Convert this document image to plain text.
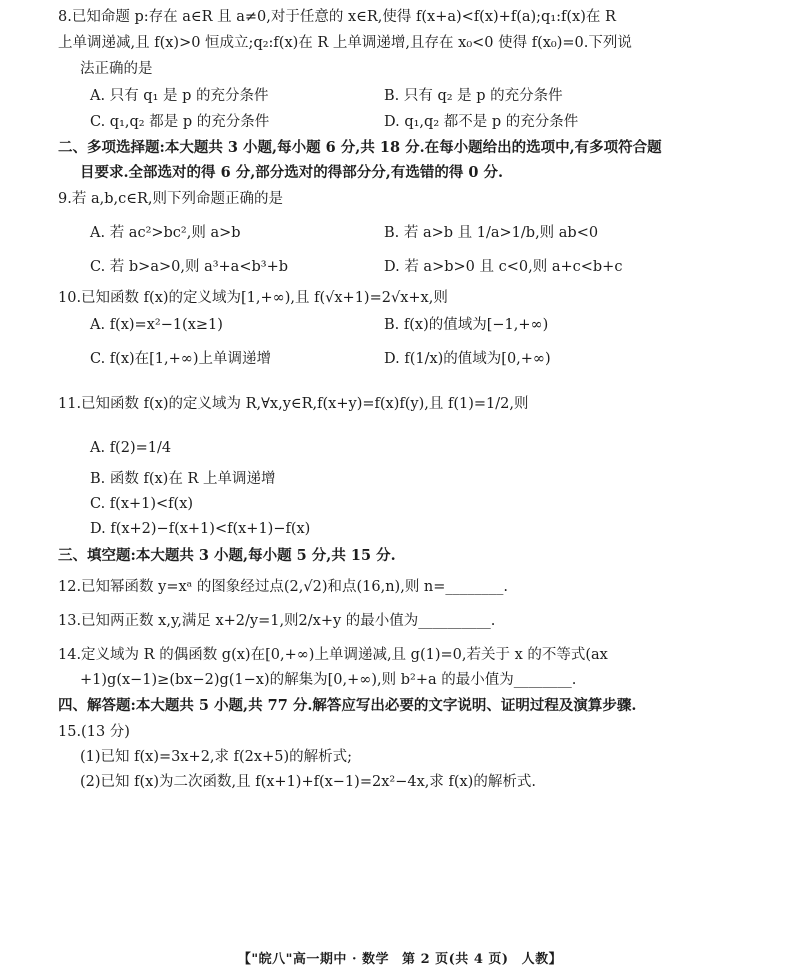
8.已知命题 p:存在 a∈R 且 a≠0,对于任意的 x∈R,使得 f(x+a)<f(x)+f(a);q₁:f(x)在 R
上单调递减,且 f(x)>0 恒成立;q₂:f(x)在 R 上单调递增,且存在 x₀<0 使得 f(x₀)=0.下列说
法正确的是
A. 只有 q₁ 是 p 的充分条件	B. 只有 q₂ 是 p 的充分条件
C. q₁,q₂ 都是 p 的充分条件	D. q₁,q₂ 都不是 p 的充分条件
二、多项选择题:本大题共 3 小题,每小题 6 分,共 18 分.在每小题给出的选项中,有多项符合题
目要求.全部选对的得 6 分,部分选对的得部分分,有选错的得 0 分.
9.若 a,b,c∈R,则下列命题正确的是
A. 若 ac²>bc²,则 a>b	B. 若 a>b 且 1/a>1/b,则 ab<0
C. 若 b>a>0,则 a³+a<b³+b	D. 若 a>b>0 且 c<0,则 a+c<b+c
10.已知函数 f(x)的定义域为[1,+∞),且 f(√x+1)=2√x+x,则
A. f(x)=x²−1(x≥1)	B. f(x)的值域为[−1,+∞)
C. f(x)在[1,+∞)上单调递增	D. f(1/x)的值域为[0,+∞)
11.已知函数 f(x)的定义域为 R,∀x,y∈R,f(x+y)=f(x)f(y),且 f(1)=1/2,则
A. f(2)=1/4
B. 函数 f(x)在 R 上单调递增
C. f(x+1)<f(x)
D. f(x+2)−f(x+1)<f(x+1)−f(x)
三、填空题:本大题共 3 小题,每小题 5 分,共 15 分.
12.已知幂函数 y=xᵃ 的图象经过点(2,√2)和点(16,n),则 n=________.
13.已知两正数 x,y,满足 x+2/y=1,则2/x+y 的最小值为__________.
14.定义域为 R 的偶函数 g(x)在[0,+∞)上单调递减,且 g(1)=0,若关于 x 的不等式(ax
+1)g(x−1)≥(bx−2)g(1−x)的解集为[0,+∞),则 b²+a 的最小值为________.
四、解答题:本大题共 5 小题,共 77 分.解答应写出必要的文字说明、证明过程及演算步骤.
15.(13 分)
(1)已知 f(x)=3x+2,求 f(2x+5)的解析式;
(2)已知 f(x)为二次函数,且 f(x+1)+f(x−1)=2x²−4x,求 f(x)的解析式.
【"皖八"高一期中 · 数学 第 2 页(共 4 页) 人教】
